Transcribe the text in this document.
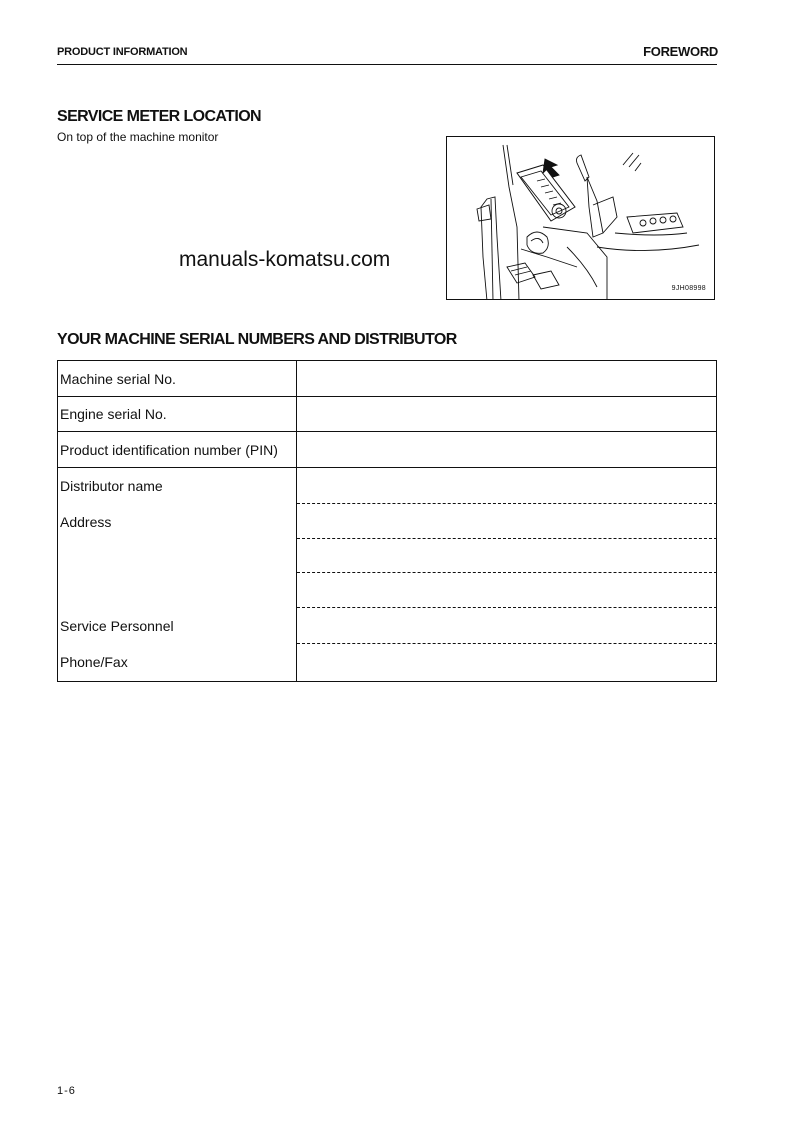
PRODUCT INFORMATION	FOREWORD
SERVICE METER LOCATION
On top of the machine monitor
9JH08998
manuals-komatsu.com
YOUR MACHINE SERIAL NUMBERS AND DISTRIBUTOR
Machine serial No.
Engine serial No.
Product identification number (PIN)
Distributor name
Address
Service Personnel
Phone/Fax
1-6
